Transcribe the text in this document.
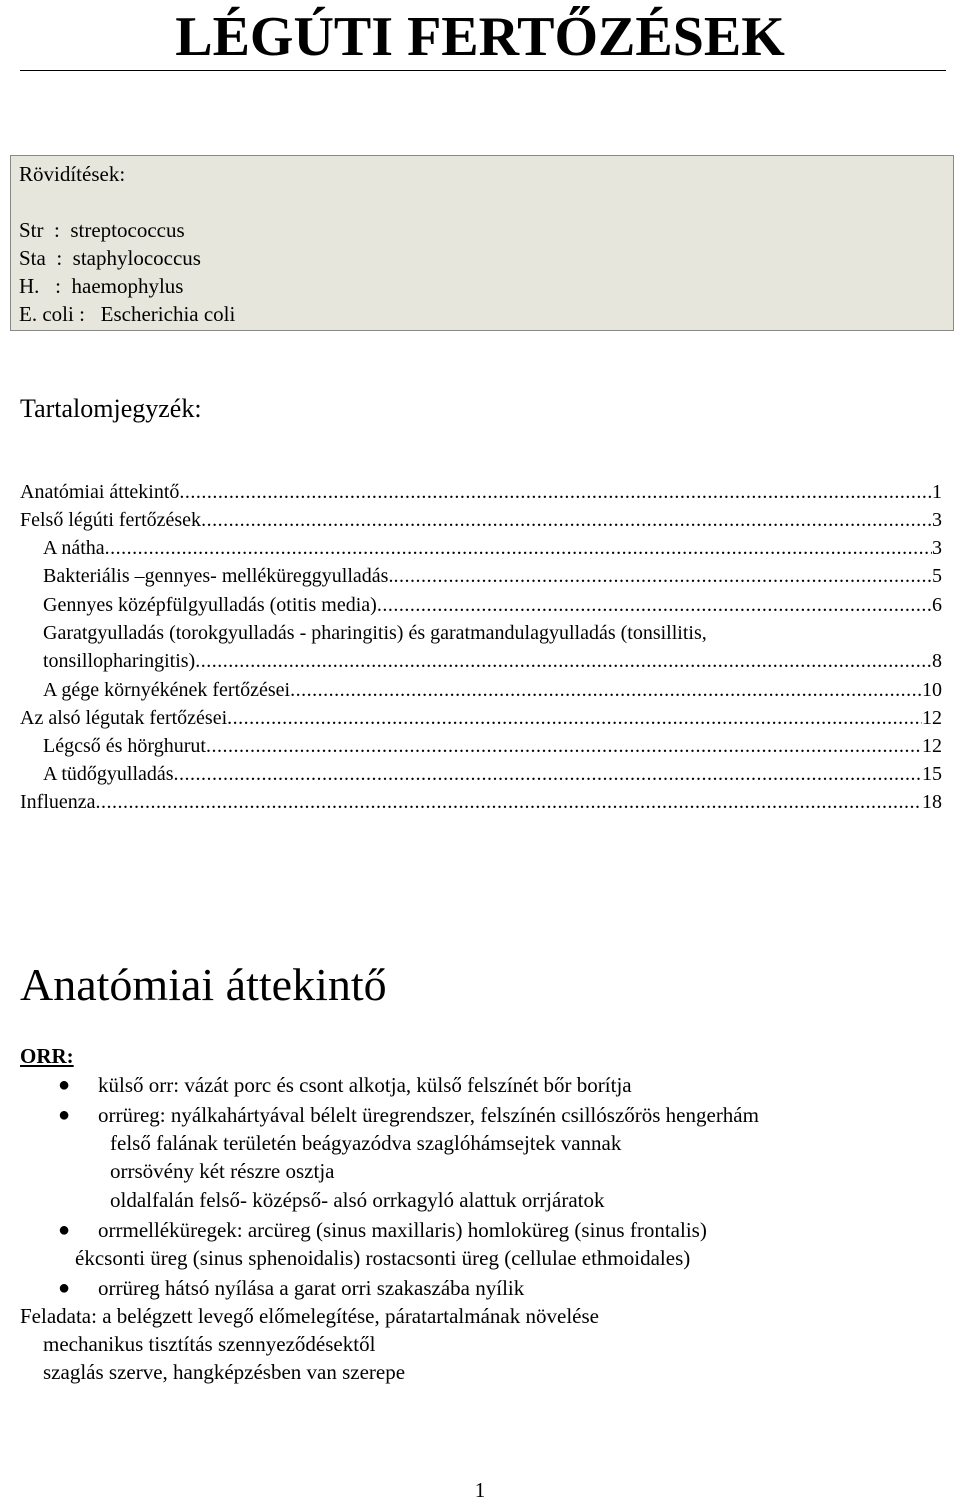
LÉGÚTI FERTŐZÉSEK
Rövidítések:
Str  :  streptococcus
Sta  :  staphylococcus
H.   :  haemophylus
E. coli :   Escherichia coli
Tartalomjegyzék:
Anatómiai áttekintő .....	1
Felső légúti fertőzések .....	3
A nátha .....	3
Bakteriális –gennyes- melléküreggyulladás. .....	5
Gennyes középfülgyulladás (otitis media) .....	6
Garatgyulladás (torokgyulladás - pharingitis) és garatmandulagyulladás (tonsillitis,
tonsillopharingitis) .....	8
A gége környékének fertőzései .....	10
Az alsó légutak fertőzései .....	12
Légcső és hörghurut .....	12
A tüdőgyulladás .....	15
Influenza .....	18
Anatómiai áttekintő
ORR:
● külső orr: vázát porc és csont alkotja, külső felszínét bőr borítja
● orrüreg: nyálkahártyával bélelt üregrendszer, felszínén csillószőrös hengerhám
felső falának területén beágyazódva szaglóhámsejtek vannak
orrsövény két részre osztja
oldalfalán felső- középső- alsó orrkagyló alattuk orrjáratok
● orrmelléküregek: arcüreg (sinus maxillaris) homloküreg (sinus frontalis)
ékcsonti üreg (sinus sphenoidalis) rostacsonti üreg (cellulae ethmoidales)
● orrüreg hátsó nyílása a garat orri szakaszába nyílik
Feladata: a belégzett levegő előmelegítése, páratartalmának növelése
mechanikus tisztítás szennyeződésektől
szaglás szerve, hangképzésben van szerepe
1
